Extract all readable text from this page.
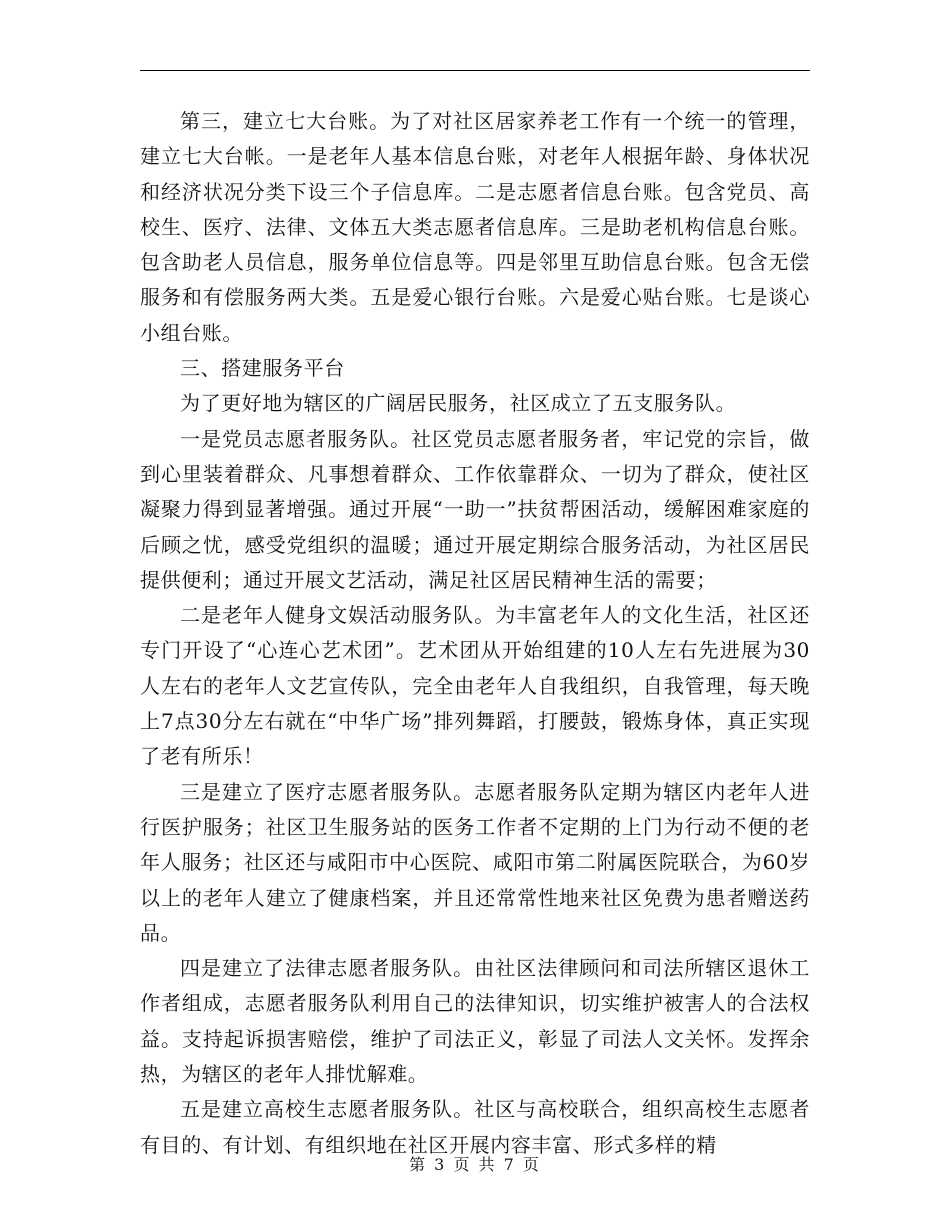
第三，建立七大台账。为了对社区居家养老工作有一个统一的管理，建立七大台帐。一是老年人基本信息台账，对老年人根据年龄、身体状况和经济状况分类下设三个子信息库。二是志愿者信息台账。包含党员、高校生、医疗、法律、文体五大类志愿者信息库。三是助老机构信息台账。包含助老人员信息，服务单位信息等。四是邻里互助信息台账。包含无偿服务和有偿服务两大类。五是爱心银行台账。六是爱心贴台账。七是谈心小组台账。

三、搭建服务平台

为了更好地为辖区的广阔居民服务，社区成立了五支服务队。

一是党员志愿者服务队。社区党员志愿者服务者，牢记党的宗旨，做到心里装着群众、凡事想着群众、工作依靠群众、一切为了群众，使社区凝聚力得到显著增强。通过开展“一助一”扶贫帮困活动，缓解困难家庭的后顾之忧，感受党组织的温暖；通过开展定期综合服务活动，为社区居民提供便利；通过开展文艺活动，满足社区居民精神生活的需要；

二是老年人健身文娱活动服务队。为丰富老年人的文化生活，社区还专门开设了“心连心艺术团”。艺术团从开始组建的10人左右先进展为30人左右的老年人文艺宣传队，完全由老年人自我组织，自我管理，每天晚上7点30分左右就在“中华广场”排列舞蹈，打腰鼓，锻炼身体，真正实现了老有所乐！

三是建立了医疗志愿者服务队。志愿者服务队定期为辖区内老年人进行医护服务；社区卫生服务站的医务工作者不定期的上门为行动不便的老年人服务；社区还与咸阳市中心医院、咸阳市第二附属医院联合，为60岁以上的老年人建立了健康档案，并且还常常性地来社区免费为患者赠送药品。

四是建立了法律志愿者服务队。由社区法律顾问和司法所辖区退休工作者组成，志愿者服务队利用自己的法律知识，切实维护被害人的合法权益。支持起诉损害赔偿，维护了司法正义，彰显了司法人文关怀。发挥余热，为辖区的老年人排忧解难。

五是建立高校生志愿者服务队。社区与高校联合，组织高校生志愿者有目的、有计划、有组织地在社区开展内容丰富、形式多样的精

第 3 页 共 7 页
